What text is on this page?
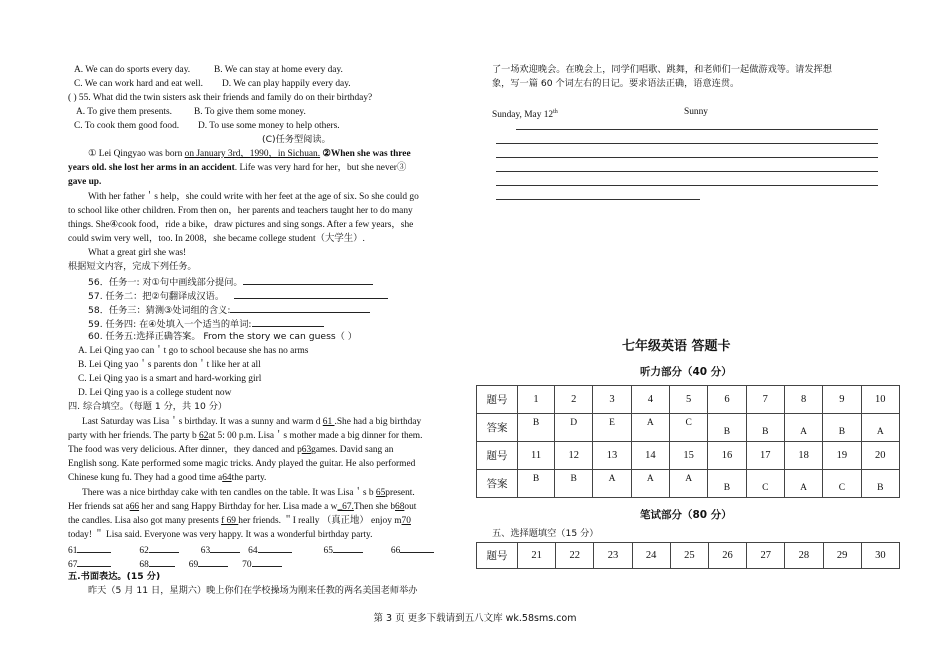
A. We can do sports every day.	B. We can stay at home every day.
C. We can work hard and eat well. D. We can play happily every day.
( ) 55. What did the twin sisters ask their friends and family do on their birthday?
A. To give them presents. B. To give them some money.
C. To cook them good food. D. To use some money to help others.
(C)任务型阅读。
① Lei Qingyao was born on January 3rd，1990，in Sichuan. ②When she was three
years old. she lost her arms in an accident. Life was very hard for her，but she never③
gave up.
With her father＇s help，she could write with her feet at the age of six. So she could go
to school like other children. From then on，her parents and teachers taught her to do many
things. She④cook food，ride a bike，draw pictures and sing songs. After a few years，she
could swim very well，too. In 2008，she became college student（大学生）.
What a great girl she was!
根据短文内容，完成下列任务。
56．任务一: 对①句中画线部分提问。
57. 任务二：把②句翻译成汉语。
58．任务三：猜测③处词组的含义:
59. 任务四: 在④处填入一个适当的单词:
60. 任务五:选择正确答案。 From the story we can guess（ ）
A. Lei Qing yao can＇t go to school because she has no arms
B. Lei Qing yao＇s parents don＇t like her at all
C. Lei Qing yao is a smart and hard-working girl
D. Lei Qing yao is a college student now
四. 综合填空。（每题 1 分，共 10 分）
Last Saturday was Lisa＇s birthday. It was a sunny and warm d 61 .She had a big birthday
party with her friends. The party b 62at 5: 00 p.m. Lisa＇s mother made a big dinner for them.
The food was very delicious. After dinner，they danced and p63games. David sang an
English song. Kate performed some magic tricks. Andy played the guitar. He also performed
Chinese kung fu. They had a good time a64the party.
There was a nice birthday cake with ten candles on the table. It was Lisa＇s b 65present.
Her friends sat a66 her and sang Happy Birthday for her. Lisa made a w_67.Then she b68out
the candles. Lisa also got many presents f 69 her friends. ＂I really （真正地） enjoy m70
today! ＂ Lisa said. Everyone was very happy. It was a wonderful birthday party.
61	62	63	64	65	66
67	68	69	70
五.书面表达。(15 分)
昨天（5 月 11 日，星期六）晚上你们在学校操场为刚来任教的两名美国老师举办
了一场欢迎晚会。在晚会上，同学们唱歌、跳舞，和老师们一起做游戏等。请发挥想
象，写一篇 60 个词左右的日记。要求语法正确，语意连贯。
Sunday, May 12th	Sunny
七年级英语 答题卡
听力部分（40 分）
题号	1	2	3	4	5	6	7	8	9	10
答案	B	D	E	A	C	B	B	A	B	A
题号	11	12	13	14	15	16	17	18	19	20
答案	B	B	A	A	A	B	C	A	C	B
笔试部分（80 分）
五、选择题填空（15 分）
题号	21	22	23	24	25	26	27	28	29	30
第 3 页 更多下载请到五八文库 wk.58sms.com
